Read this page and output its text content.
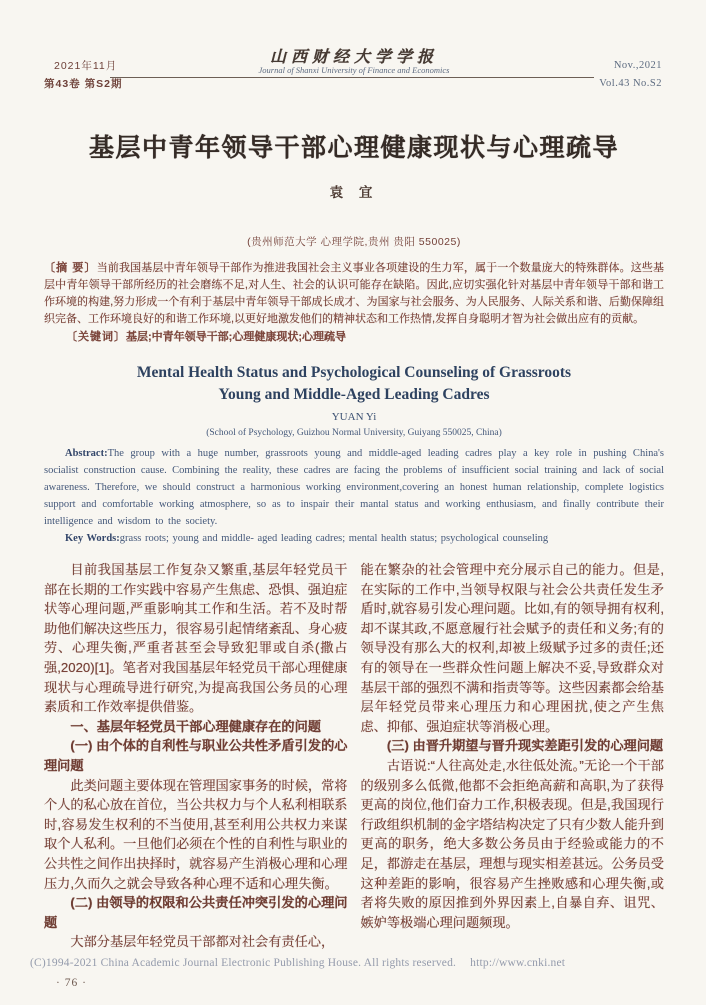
山西财经大学学报
Journal of Shanxi University of Finance and Economics
2021年11月
第43卷 第S2期
Nov.,2021
Vol.43 No.S2
基层中青年领导干部心理健康现状与心理疏导
袁 宜
(贵州师范大学 心理学院,贵州 贵阳 550025)
〔摘 要〕当前我国基层中青年领导干部作为推进我国社会主义事业各项建设的生力军，属于一个数量庞大的特殊群体。这些基层中青年领导干部所经历的社会磨练不足,对人生、社会的认识可能存在缺陷。因此,应切实强化针对基层中青年领导干部和谐工作环境的构建,努力形成一个有利于基层中青年领导干部成长成才、为国家与社会服务、为人民服务、人际关系和谐、后勤保障组织完备、工作环境良好的和谐工作环境,以更好地激发他们的精神状态和工作热情,发挥自身聪明才智为社会做出应有的贡献。
〔关键词〕基层;中青年领导干部;心理健康现状;心理疏导
Mental Health Status and Psychological Counseling of Grassroots
Young and Middle-Aged Leading Cadres
YUAN Yi
(School of Psychology, Guizhou Normal University, Guiyang 550025, China)
Abstract:The group with a huge number, grassroots young and middle-aged leading cadres play a key role in pushing China's socialist construction cause. Combining the reality, these cadres are facing the problems of insufficient social training and lack of social awareness. Therefore, we should construct a harmonious working environment,covering an honest human relationship, complete logistics support and comfortable working atmosphere, so as to inspair their mantal status and working enthusiasm, and finally contribute their intelligence and wisdom to the society.
Key Words:grass roots; young and middle- aged leading cadres; mental health status; psychological counseling

目前我国基层工作复杂又繁重,基层年轻党员干部在长期的工作实践中容易产生焦虑、恐惧、强迫症状等心理问题,严重影响其工作和生活。若不及时帮助他们解决这些压力，很容易引起情绪紊乱、身心疲劳、心理失衡,严重者甚至会导致犯罪或自杀(撒占强,2020)[1]。笔者对我国基层年轻党员干部心理健康现状与心理疏导进行研究,为提高我国公务员的心理素质和工作效率提供借鉴。

一、基层年轻党员干部心理健康存在的问题

(一) 由个体的自利性与职业公共性矛盾引发的心理问题

此类问题主要体现在管理国家事务的时候，常将个人的私心放在首位，当公共权力与个人私利相联系时,容易发生权利的不当使用,甚至利用公共权力来谋取个人私利。一旦他们必须在个性的自利性与职业的公共性之间作出抉择时，就容易产生消极心理和心理压力,久而久之就会导致各种心理不适和心理失衡。

(二) 由领导的权限和公共责任冲突引发的心理问题

大部分基层年轻党员干部都对社会有责任心，

能在繁杂的社会管理中充分展示自己的能力。但是,在实际的工作中,当领导权限与社会公共责任发生矛盾时,就容易引发心理问题。比如,有的领导拥有权利,却不谋其政,不愿意履行社会赋予的责任和义务;有的领导没有那么大的权利,却被上级赋予过多的责任;还有的领导在一些群众性问题上解决不妥,导致群众对基层干部的强烈不满和指责等等。这些因素都会给基层年轻党员带来心理压力和心理困扰,使之产生焦虑、抑郁、强迫症状等消极心理。

(三) 由晋升期望与晋升现实差距引发的心理问题

古语说:“人往高处走,水往低处流。”无论一个干部的级别多么低微,他都不会拒绝高薪和高职,为了获得更高的岗位,他们奋力工作,积极表现。但是,我国现行行政组织机制的金字塔结构决定了只有少数人能升到更高的职务，绝大多数公务员由于经验或能力的不足，都游走在基层，理想与现实相差甚远。公务员受这种差距的影响，很容易产生挫败感和心理失衡,或者将失败的原因推到外界因素上,自暴自弃、诅咒、嫉妒等极端心理问题频现。

(C)1994-2021 China Academic Journal Electronic Publishing House. All rights reserved. http://www.cnki.net
· 76 ·
